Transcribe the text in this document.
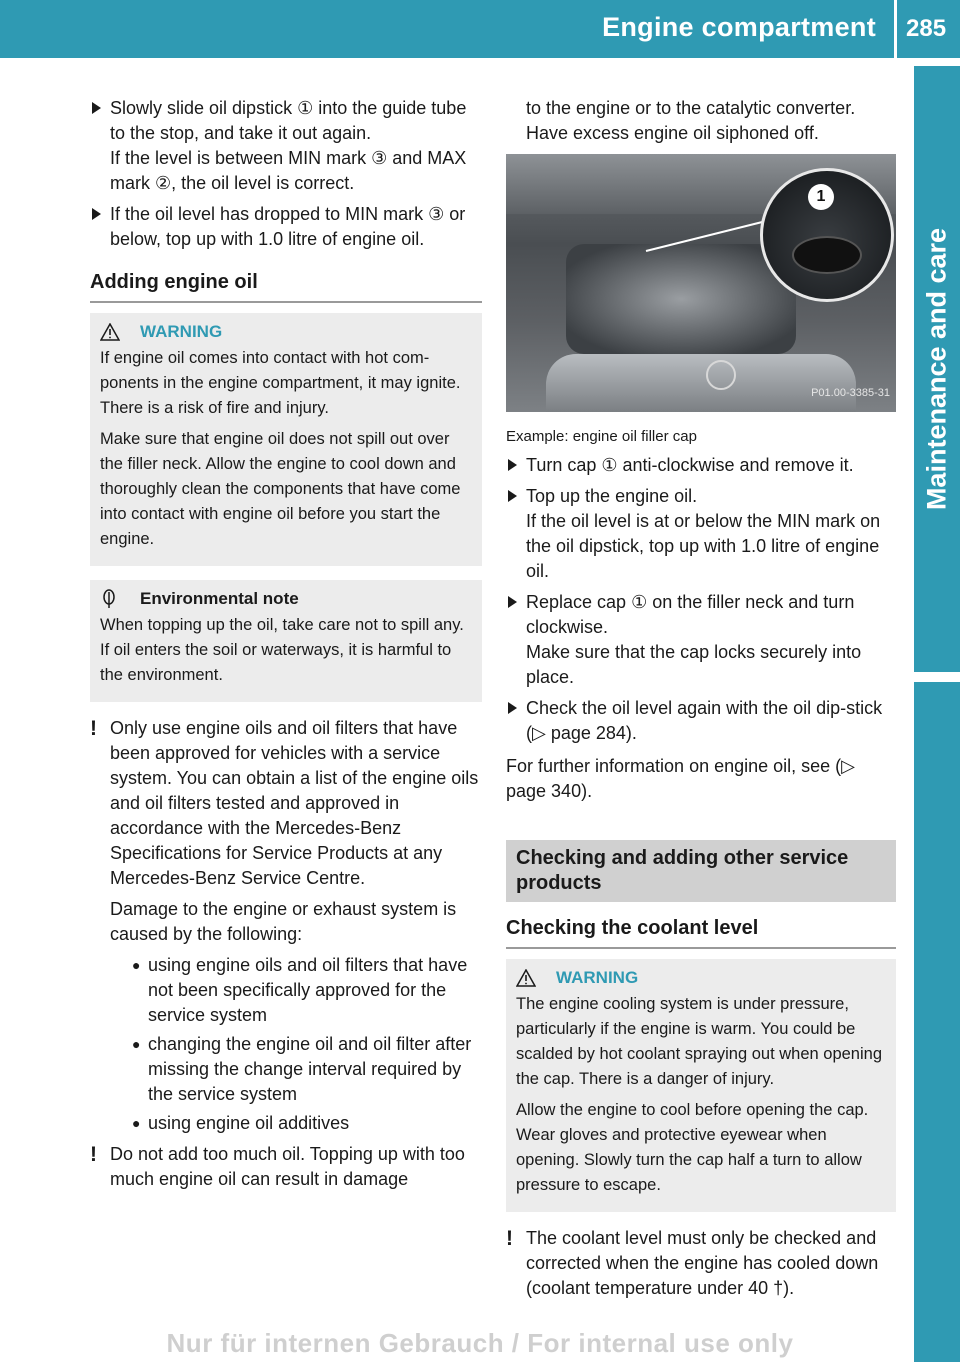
Engine compartment 285
Maintenance and care

Slowly slide oil dipstick ① into the guide tube to the stop, and take it out again.

If the level is between MIN mark ③ and MAX mark ②, the oil level is correct.

If the oil level has dropped to MIN mark ③ or below, top up with 1.0 litre of engine oil.

Adding engine oil
WARNING

If engine oil comes into contact with hot com-ponents in the engine compartment, it may ignite. There is a risk of fire and injury.

Make sure that engine oil does not spill out over the filler neck. Allow the engine to cool down and thoroughly clean the components that have come into contact with engine oil before you start the engine.

Environmental note

When topping up the oil, take care not to spill any. If oil enters the soil or waterways, it is harmful to the environment.

! Only use engine oils and oil filters that have been approved for vehicles with a service system. You can obtain a list of the engine oils and oil filters tested and approved in accordance with the Mercedes-Benz Specifications for Service Products at any Mercedes-Benz Service Centre.

Damage to the engine or exhaust system is caused by the following:

● using engine oils and oil filters that have not been specifically approved for the service system
● changing the engine oil and oil filter after missing the change interval required by the service system
● using engine oil additives
! Do not add too much oil. Topping up with too much engine oil can result in damage

to the engine or to the catalytic converter. Have excess engine oil siphoned off.

1
P01.00-3385-31
Example: engine oil filler cap

Turn cap ① anti-clockwise and remove it.

Top up the engine oil.

If the oil level is at or below the MIN mark on the oil dipstick, top up with 1.0 litre of engine oil.

Replace cap ① on the filler neck and turn clockwise.

Make sure that the cap locks securely into place.

Check the oil level again with the oil dip-stick (▷ page 284).

For further information on engine oil, see (▷ page 340).

Checking and adding other service products
Checking the coolant level
WARNING

The engine cooling system is under pressure, particularly if the engine is warm. You could be scalded by hot coolant spraying out when opening the cap. There is a danger of injury.

Allow the engine to cool before opening the cap. Wear gloves and protective eyewear when opening. Slowly turn the cap half a turn to allow pressure to escape.

! The coolant level must only be checked and corrected when the engine has cooled down (coolant temperature under 40 †).

Nur für internen Gebrauch / For internal use only
